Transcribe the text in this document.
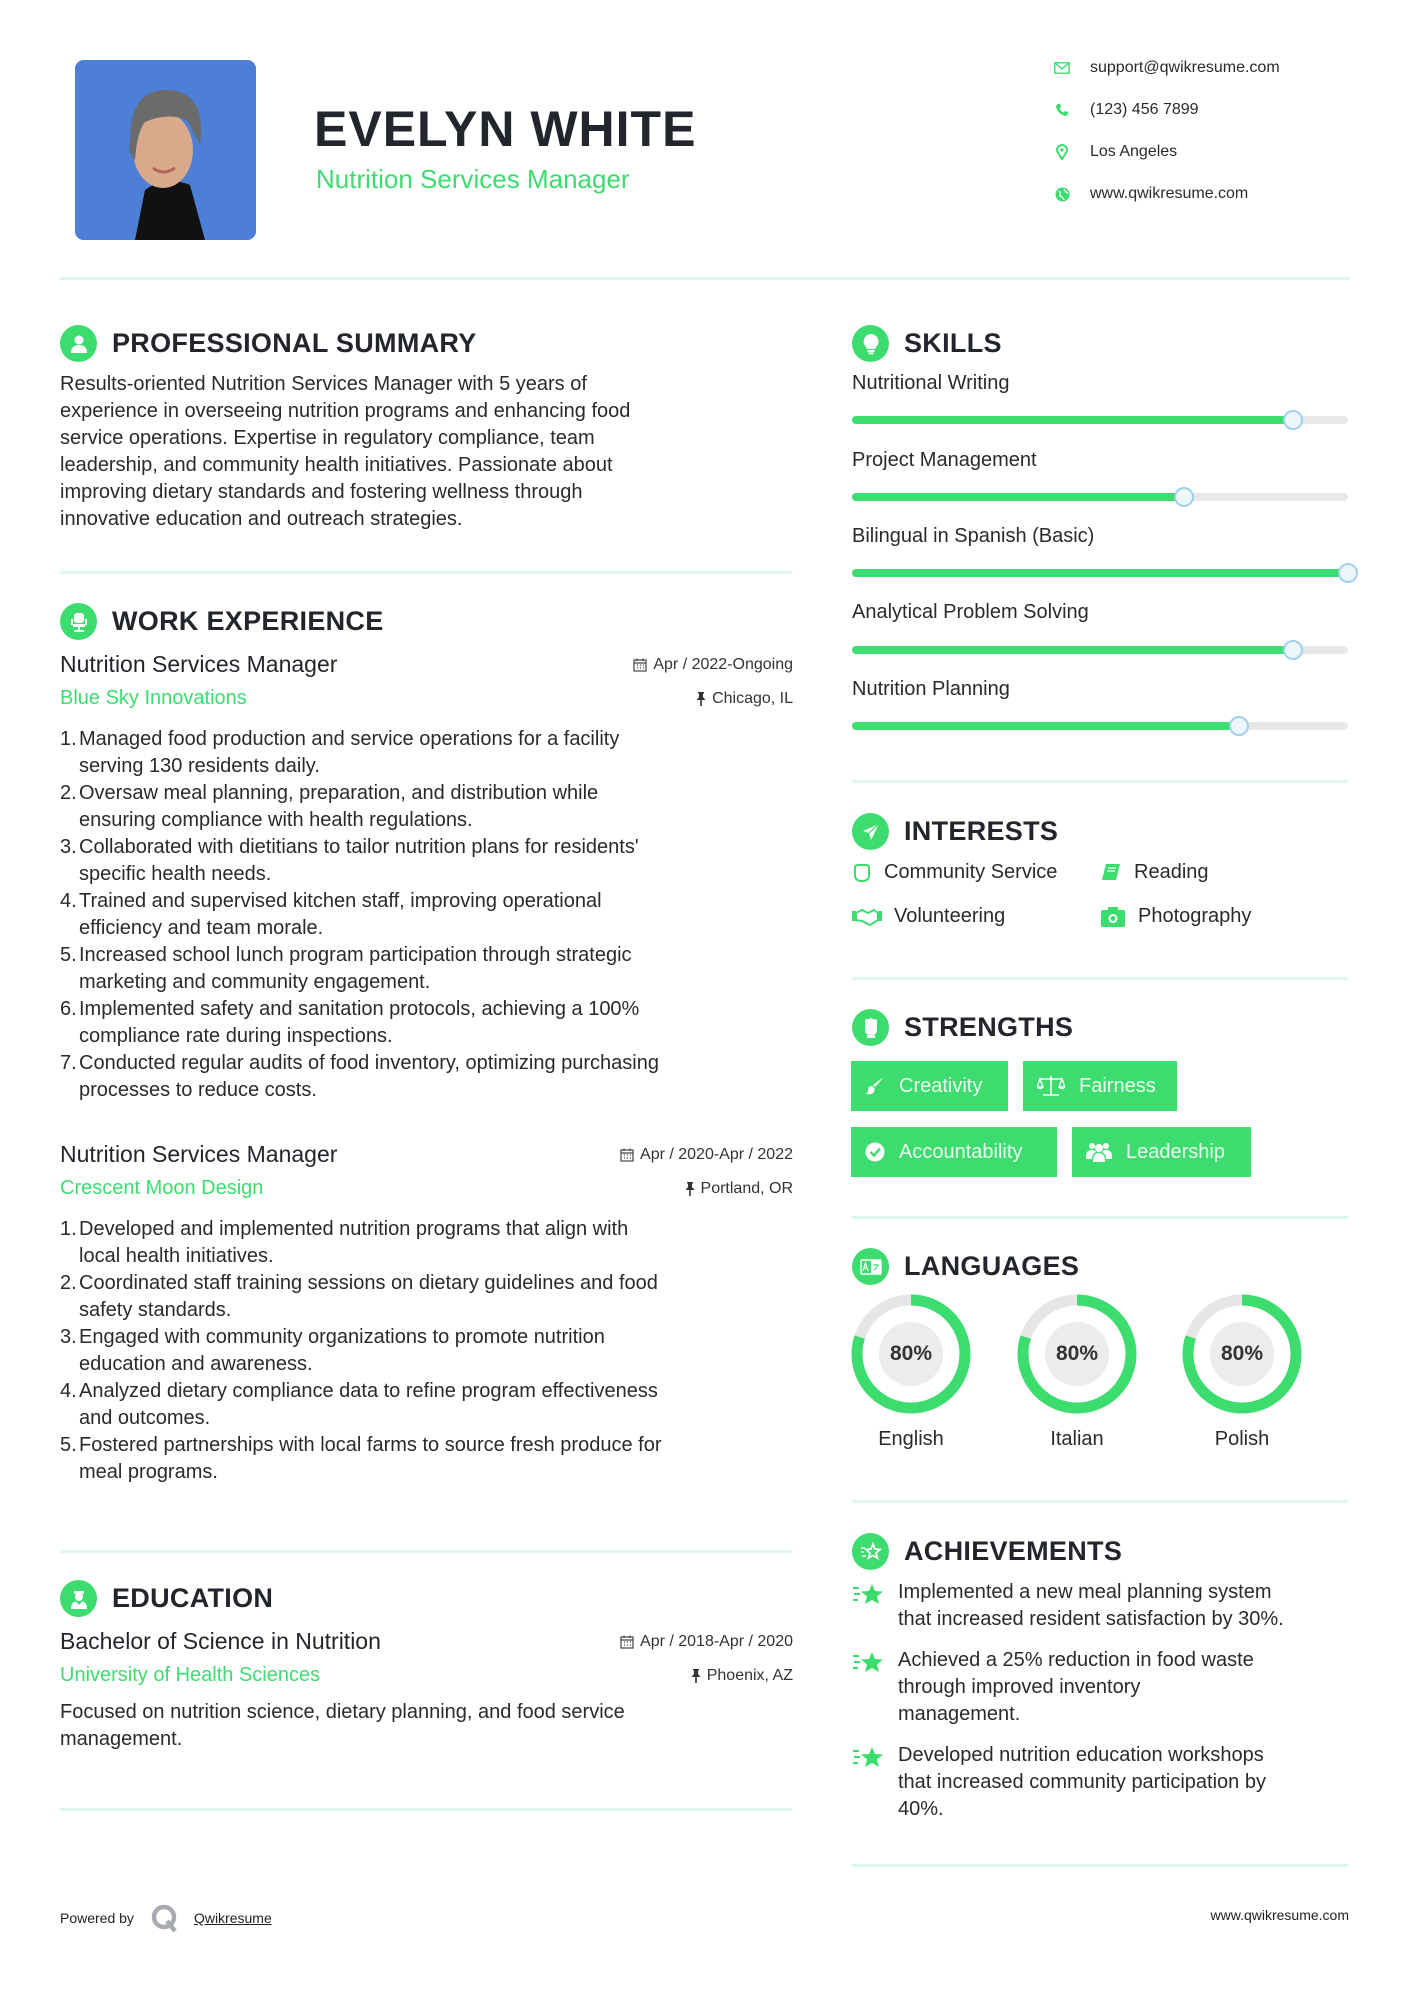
EVELYN WHITE
Nutrition Services Manager
support@qwikresume.com
(123) 456 7899
Los Angeles
www.qwikresume.com
PROFESSIONAL SUMMARY
Results-oriented Nutrition Services Manager with 5 years of
experience in overseeing nutrition programs and enhancing food
service operations. Expertise in regulatory compliance, team
leadership, and community health initiatives. Passionate about
improving dietary standards and fostering wellness through
innovative education and outreach strategies.
WORK EXPERIENCE
Nutrition Services Manager	Apr / 2022-Ongoing
Blue Sky Innovations	Chicago, IL
1. Managed food production and service operations for a facility
serving 130 residents daily.
2. Oversaw meal planning, preparation, and distribution while
ensuring compliance with health regulations.
3. Collaborated with dietitians to tailor nutrition plans for residents'
specific health needs.
4. Trained and supervised kitchen staff, improving operational
efficiency and team morale.
5. Increased school lunch program participation through strategic
marketing and community engagement.
6. Implemented safety and sanitation protocols, achieving a 100%
compliance rate during inspections.
7. Conducted regular audits of food inventory, optimizing purchasing
processes to reduce costs.
Nutrition Services Manager	Apr / 2020-Apr / 2022
Crescent Moon Design	Portland, OR
1. Developed and implemented nutrition programs that align with
local health initiatives.
2. Coordinated staff training sessions on dietary guidelines and food
safety standards.
3. Engaged with community organizations to promote nutrition
education and awareness.
4. Analyzed dietary compliance data to refine program effectiveness
and outcomes.
5. Fostered partnerships with local farms to source fresh produce for
meal programs.
EDUCATION
Bachelor of Science in Nutrition	Apr / 2018-Apr / 2020
University of Health Sciences	Phoenix, AZ
Focused on nutrition science, dietary planning, and food service
management.
SKILLS
Nutritional Writing
Project Management
Bilingual in Spanish (Basic)
Analytical Problem Solving
Nutrition Planning
INTERESTS
Community Service	Reading
Volunteering	Photography
STRENGTHS
Creativity	Fairness
Accountability	Leadership
LANGUAGES
80%
English
80%
Italian
80%
Polish
ACHIEVEMENTS
Implemented a new meal planning system
that increased resident satisfaction by 30%.
Achieved a 25% reduction in food waste
through improved inventory
management.
Developed nutrition education workshops
that increased community participation by
40%.
Powered by	Qwikresume	www.qwikresume.com
